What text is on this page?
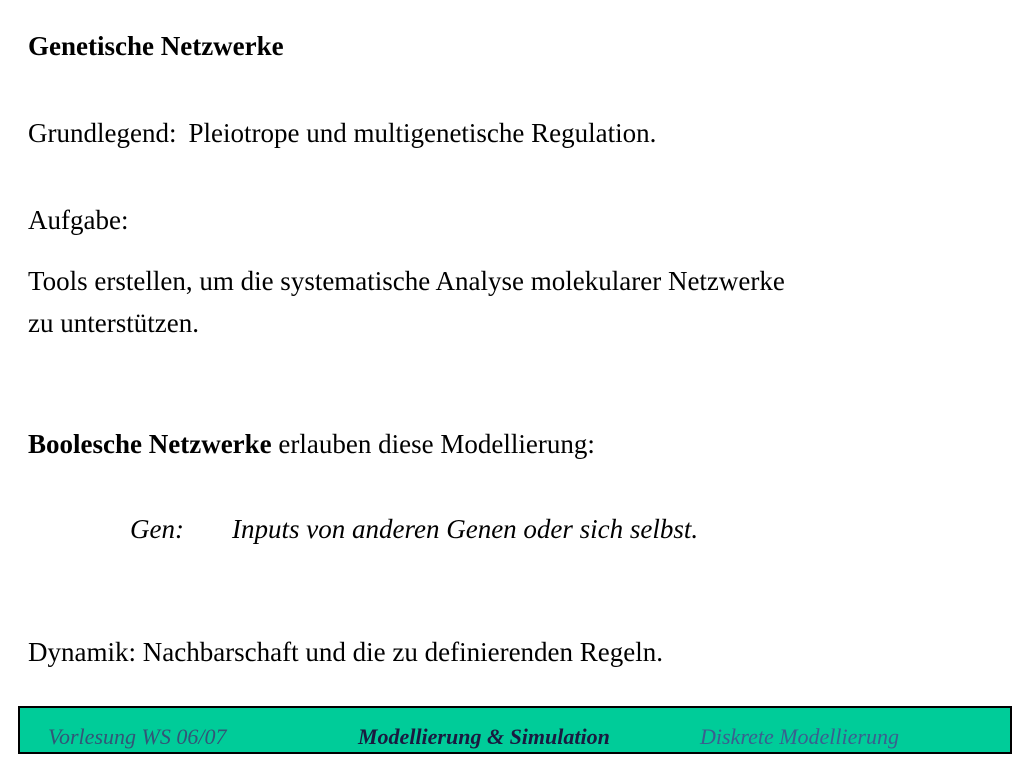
Genetische Netzwerke
Grundlegend: Pleiotrope und multigenetische Regulation.
Aufgabe:
Tools erstellen, um die systematische Analyse molekularer Netzwerke
zu unterstützen.
Boolesche Netzwerke erlauben diese Modellierung:
Gen: Inputs von anderen Genen oder sich selbst.
Dynamik: Nachbarschaft und die zu definierenden Regeln.
Vorlesung WS 06/07	Modellierung & Simulation	Diskrete Modellierung
